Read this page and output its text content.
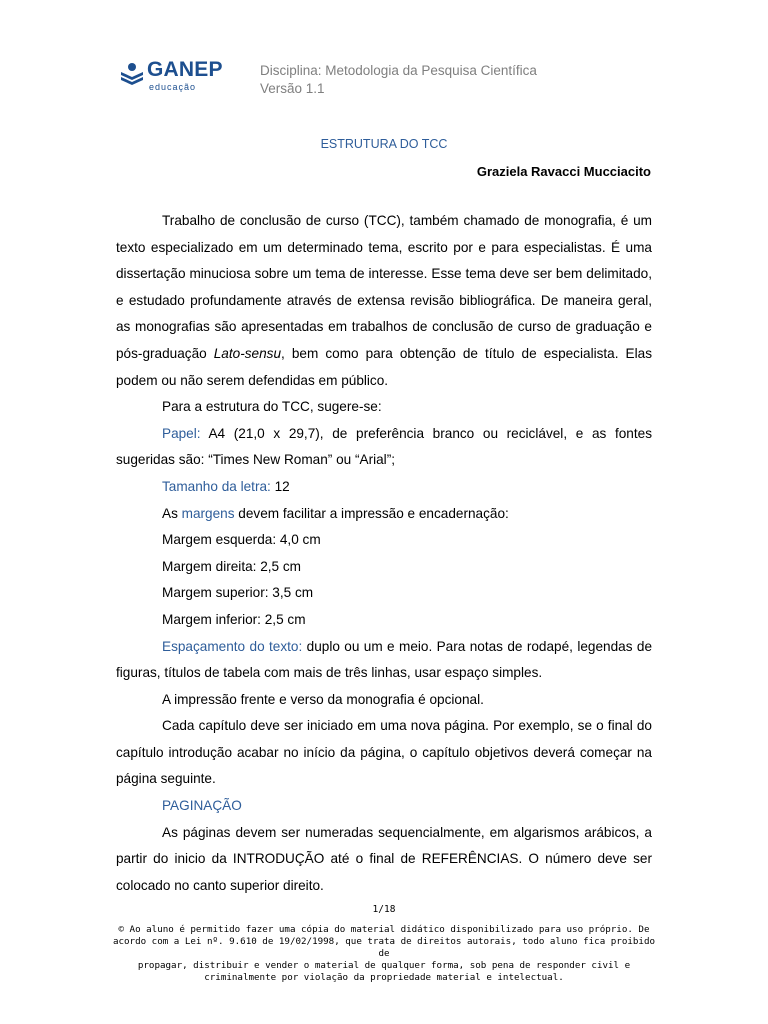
GANEP
educação
Disciplina: Metodologia da Pesquisa Científica
Versão 1.1
ESTRUTURA DO TCC
Graziela Ravacci Mucciacito

Trabalho de conclusão de curso (TCC), também chamado de monografia, é um texto especializado em um determinado tema, escrito por e para especialistas. É uma dissertação minuciosa sobre um tema de interesse. Esse tema deve ser bem delimitado, e estudado profundamente através de extensa revisão bibliográfica. De maneira geral, as monografias são apresentadas em trabalhos de conclusão de curso de graduação e pós-graduação Lato-sensu, bem como para obtenção de título de especialista. Elas podem ou não serem defendidas em público.

Para a estrutura do TCC, sugere-se:

Papel: A4 (21,0 x 29,7), de preferência branco ou reciclável, e as fontes sugeridas são: “Times New Roman” ou “Arial”;

Tamanho da letra: 12

As margens devem facilitar a impressão e encadernação:

Margem esquerda: 4,0 cm

Margem direita: 2,5 cm

Margem superior: 3,5 cm

Margem inferior: 2,5 cm

Espaçamento do texto: duplo ou um e meio. Para notas de rodapé, legendas de figuras, títulos de tabela com mais de três linhas, usar espaço simples.

A impressão frente e verso da monografia é opcional.

Cada capítulo deve ser iniciado em uma nova página. Por exemplo, se o final do capítulo introdução acabar no início da página, o capítulo objetivos deverá começar na página seguinte.

PAGINAÇÃO

As páginas devem ser numeradas sequencialmente, em algarismos arábicos, a partir do inicio da INTRODUÇÃO até o final de REFERÊNCIAS. O número deve ser colocado no canto superior direito.

1/18
© Ao aluno é permitido fazer uma cópia do material didático disponibilizado para uso próprio. De
acordo com a Lei nº. 9.610 de 19/02/1998, que trata de direitos autorais, todo aluno fica proibido de
propagar, distribuir e vender o material de qualquer forma, sob pena de responder civil e
criminalmente por violação da propriedade material e intelectual.
